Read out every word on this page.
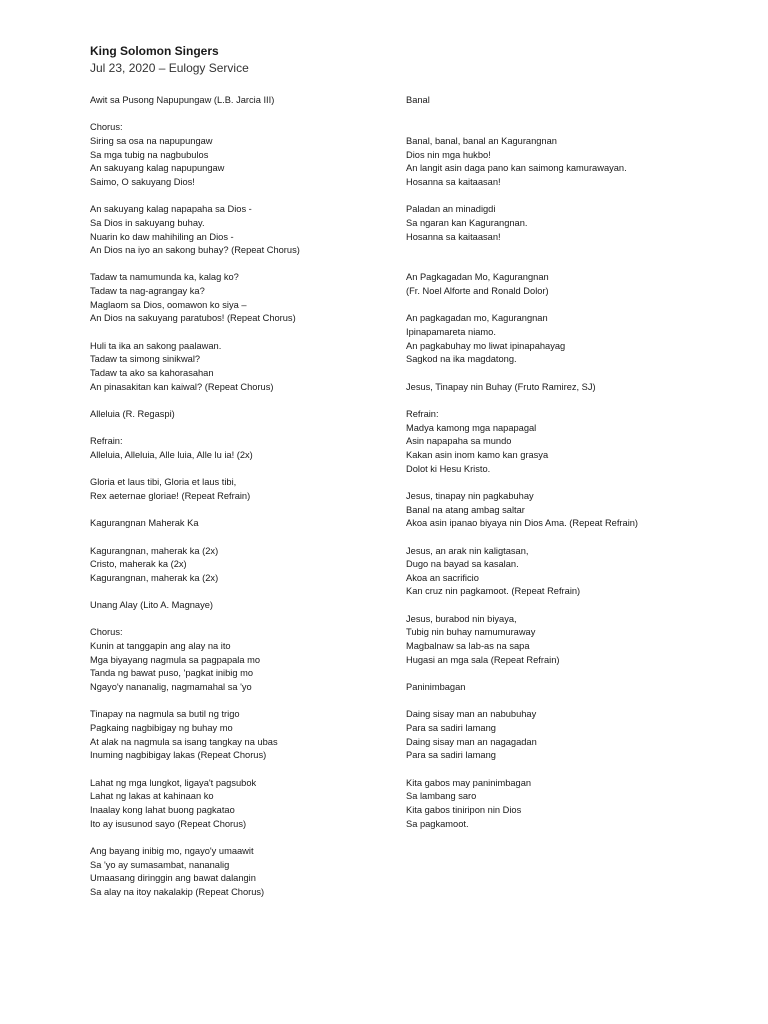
King Solomon Singers
Jul 23, 2020 – Eulogy Service
Awit sa Pusong Napupungaw (L.B. Jarcia III)
Chorus:
Siring sa osa na napupungaw
Sa mga tubig na nagbubulos
An sakuyang kalag napupungaw
Saimo, O sakuyang Dios!
An sakuyang kalag napapaha sa Dios -
Sa Dios in sakuyang buhay.
Nuarin ko daw mahihiling an Dios -
An Dios na iyo an sakong buhay? (Repeat Chorus)
Tadaw ta namumunda ka, kalag ko?
Tadaw ta nag-agrangay ka?
Maglaom sa Dios, oomawon ko siya –
An Dios na sakuyang paratubos! (Repeat Chorus)
Huli ta ika an sakong paalawan.
Tadaw ta simong sinikwal?
Tadaw ta ako sa kahorasahan
An pinasakitan kan kaiwal? (Repeat Chorus)
Alleluia (R. Regaspi)
Refrain:
Alleluia, Alleluia, Alle luia, Alle lu ia! (2x)
Gloria et laus tibi, Gloria et laus tibi,
Rex aeternae gloriae! (Repeat Refrain)
Kagurangnan Maherak Ka
Kagurangnan, maherak ka (2x)
Cristo, maherak ka (2x)
Kagurangnan, maherak ka (2x)
Unang Alay (Lito A. Magnaye)
Chorus:
Kunin at tanggapin ang alay na ito
Mga biyayang nagmula sa pagpapala mo
Tanda ng bawat puso, 'pagkat inibig mo
Ngayo'y nananalig, nagmamahal sa 'yo
Tinapay na nagmula sa butil ng trigo
Pagkaing nagbibigay ng buhay mo
At alak na nagmula sa isang tangkay na ubas
Inuming nagbibigay lakas (Repeat Chorus)
Lahat ng mga lungkot, ligaya't pagsubok
Lahat ng lakas at kahinaan ko
Inaalay kong lahat buong pagkatao
Ito ay isusunod sayo (Repeat Chorus)
Ang bayang inibig mo, ngayo'y umaawit
Sa 'yo ay sumasambat, nananalig
Umaasang diringgin ang bawat dalangin
Sa alay na itoy nakalakip (Repeat Chorus)
Banal
Banal, banal, banal an Kagurangnan
Dios nin mga hukbo!
An langit asin daga pano kan saimong kamurawayan.
Hosanna sa kaitaasan!
Paladan an minadigdi
Sa ngaran kan Kagurangnan.
Hosanna sa kaitaasan!
An Pagkagadan Mo, Kagurangnan
(Fr. Noel Alforte and Ronald Dolor)
An pagkagadan mo, Kagurangnan
Ipinapamareta niamo.
An pagkabuhay mo liwat ipinapahayag
Sagkod na ika magdatong.
Jesus, Tinapay nin Buhay (Fruto Ramirez, SJ)
Refrain:
Madya kamong mga napapagal
Asin napapaha sa mundo
Kakan asin inom kamo kan grasya
Dolot ki Hesu Kristo.
Jesus, tinapay nin pagkabuhay
Banal na atang ambag saltar
Akoa asin ipanao biyaya nin Dios Ama. (Repeat Refrain)
Jesus, an arak nin kaligtasan,
Dugo na bayad sa kasalan.
Akoa an sacrificio
Kan cruz nin pagkamoot. (Repeat Refrain)
Jesus, burabod nin biyaya,
Tubig nin buhay namumuraway
Magbalnaw sa lab-as na sapa
Hugasi an mga sala (Repeat Refrain)
Paninimbagan
Daing sisay man an nabubuhay
Para sa sadiri lamang
Daing sisay man an nagagadan
Para sa sadiri lamang
Kita gabos may paninimbagan
Sa lambang saro
Kita gabos tiniripon nin Dios
Sa pagkamoot.
